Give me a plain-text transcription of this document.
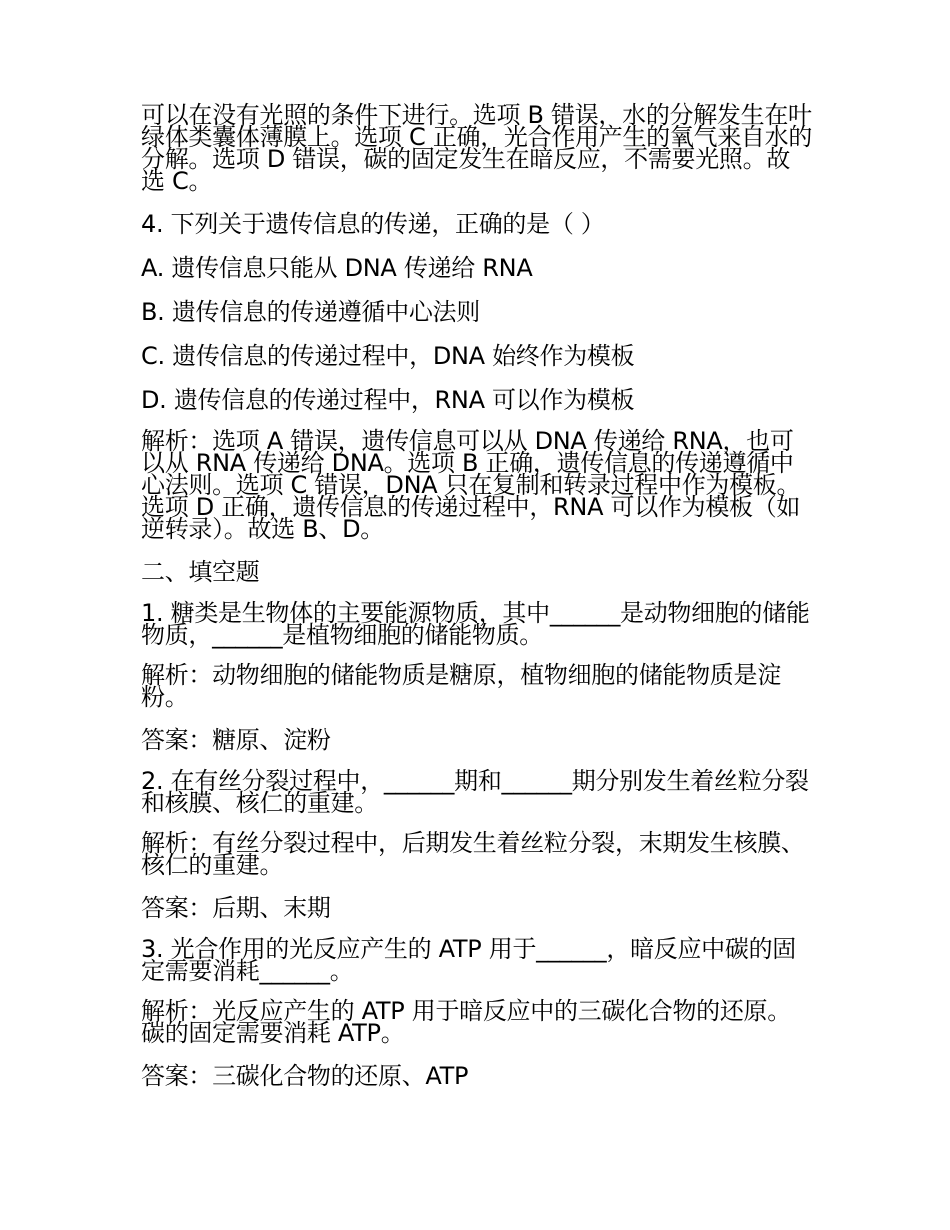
可以在没有光照的条件下进行。选项 B 错误，水的分解发生在叶绿体类囊体薄膜上。选项 C 正确，光合作用产生的氧气来自水的分解。选项 D 错误，碳的固定发生在暗反应，不需要光照。故选 C。

4. 下列关于遗传信息的传递，正确的是（ ）

A. 遗传信息只能从 DNA 传递给 RNA

B. 遗传信息的传递遵循中心法则

C. 遗传信息的传递过程中，DNA 始终作为模板

D. 遗传信息的传递过程中，RNA 可以作为模板

解析：选项 A 错误，遗传信息可以从 DNA 传递给 RNA，也可以从 RNA 传递给 DNA。选项 B 正确，遗传信息的传递遵循中心法则。选项 C 错误，DNA 只在复制和转录过程中作为模板。选项 D 正确，遗传信息的传递过程中，RNA 可以作为模板（如逆转录）。故选 B、D。

二、填空题

1. 糖类是生物体的主要能源物质，其中______是动物细胞的储能物质，______是植物细胞的储能物质。

解析：动物细胞的储能物质是糖原，植物细胞的储能物质是淀粉。

答案：糖原、淀粉

2. 在有丝分裂过程中，______期和______期分别发生着丝粒分裂和核膜、核仁的重建。

解析：有丝分裂过程中，后期发生着丝粒分裂，末期发生核膜、核仁的重建。

答案：后期、末期

3. 光合作用的光反应产生的 ATP 用于______，暗反应中碳的固定需要消耗______。

解析：光反应产生的 ATP 用于暗反应中的三碳化合物的还原。碳的固定需要消耗 ATP。

答案：三碳化合物的还原、ATP
